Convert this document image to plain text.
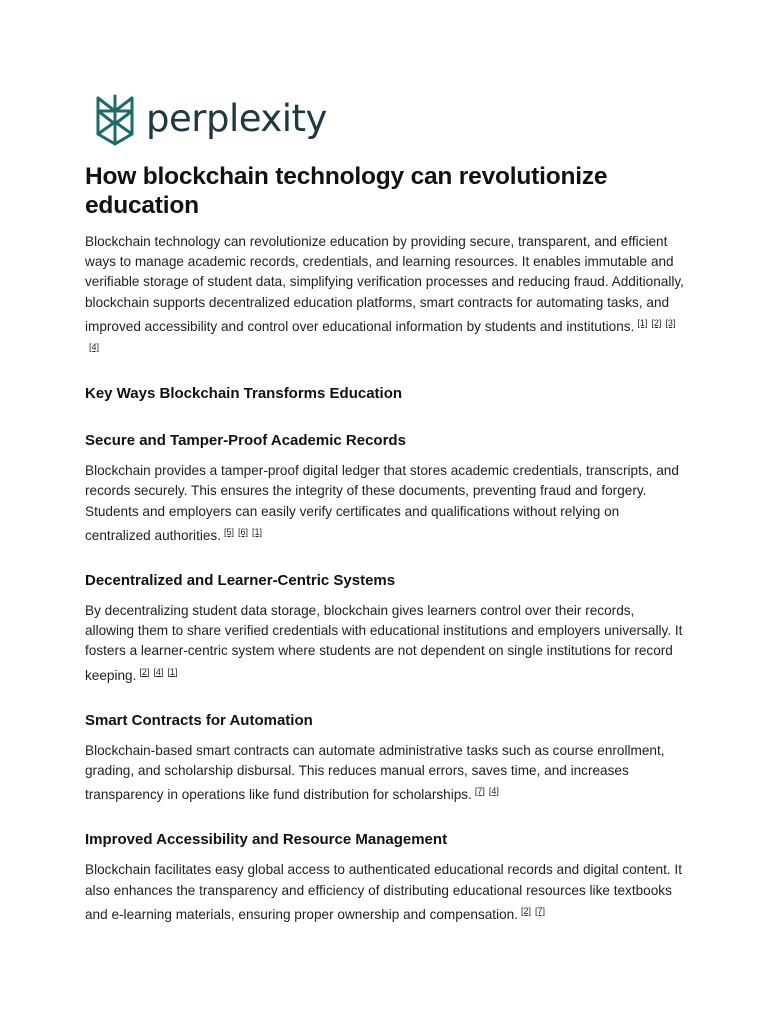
perplexity
How blockchain technology can revolutionize education

Blockchain technology can revolutionize education by providing secure, transparent, and efficient ways to manage academic records, credentials, and learning resources. It enables immutable and verifiable storage of student data, simplifying verification processes and reducing fraud. Additionally, blockchain supports decentralized education platforms, smart contracts for automating tasks, and improved accessibility and control over educational information by students and institutions. [1] [2] [3][4]

Key Ways Blockchain Transforms Education
Secure and Tamper-Proof Academic Records

Blockchain provides a tamper-proof digital ledger that stores academic credentials, transcripts, and records securely. This ensures the integrity of these documents, preventing fraud and forgery. Students and employers can easily verify certificates and qualifications without relying on centralized authorities. [5] [6] [1]

Decentralized and Learner-Centric Systems

By decentralizing student data storage, blockchain gives learners control over their records, allowing them to share verified credentials with educational institutions and employers universally. It fosters a learner-centric system where students are not dependent on single institutions for record keeping. [2] [4] [1]

Smart Contracts for Automation

Blockchain-based smart contracts can automate administrative tasks such as course enrollment, grading, and scholarship disbursal. This reduces manual errors, saves time, and increases transparency in operations like fund distribution for scholarships. [7] [4]

Improved Accessibility and Resource Management

Blockchain facilitates easy global access to authenticated educational records and digital content. It also enhances the transparency and efficiency of distributing educational resources like textbooks and e-learning materials, ensuring proper ownership and compensation. [2] [7]
